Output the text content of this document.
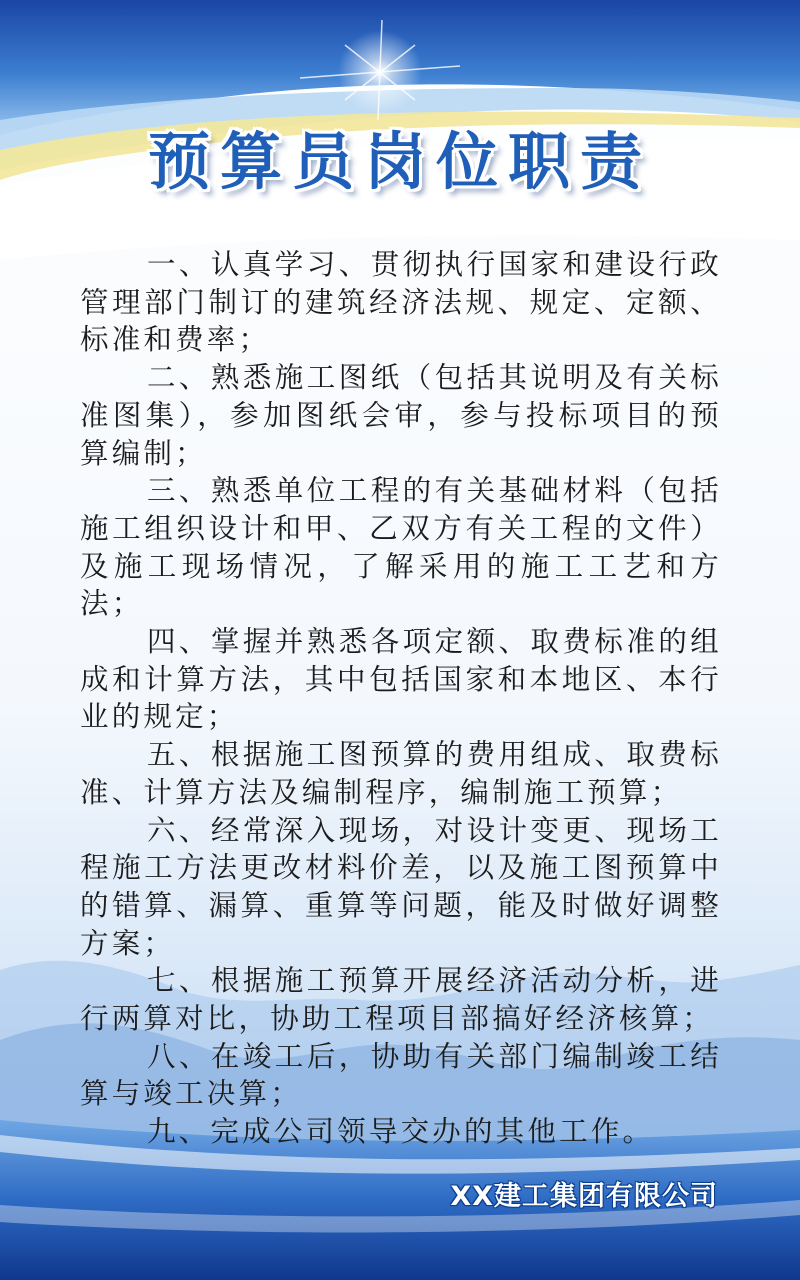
预算员岗位职责

一、认真学习、贯彻执行国家和建设行政管理部门制订的建筑经济法规、规定、定额、标准和费率；

二、熟悉施工图纸（包括其说明及有关标准图集），参加图纸会审，参与投标项目的预算编制；

三、熟悉单位工程的有关基础材料（包括施工组织设计和甲、乙双方有关工程的文件）及施工现场情况，了解采用的施工工艺和方法；

四、掌握并熟悉各项定额、取费标准的组成和计算方法，其中包括国家和本地区、本行业的规定；

五、根据施工图预算的费用组成、取费标准、计算方法及编制程序，编制施工预算；

六、经常深入现场，对设计变更、现场工程施工方法更改材料价差，以及施工图预算中的错算、漏算、重算等问题，能及时做好调整方案；

七、根据施工预算开展经济活动分析，进行两算对比，协助工程项目部搞好经济核算；

八、在竣工后，协助有关部门编制竣工结算与竣工决算；

九、完成公司领导交办的其他工作。

XX建工集团有限公司
